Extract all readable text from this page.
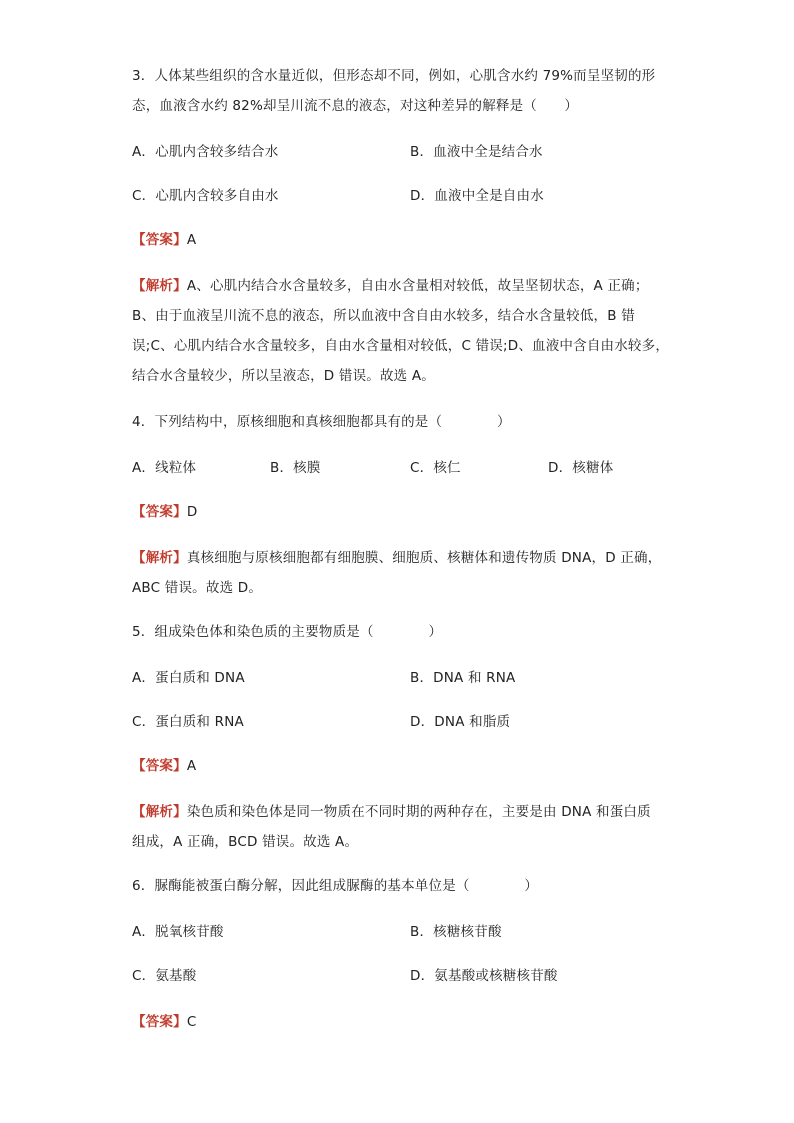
3．人体某些组织的含水量近似，但形态却不同，例如，心肌含水约 79%而呈坚韧的形
态，血液含水约 82%却呈川流不息的液态，对这种差异的解释是（　　）
A．心肌内含较多结合水	B．血液中全是结合水
C．心肌内含较多自由水	D．血液中全是自由水
【答案】A
【解析】A、心肌内结合水含量较多，自由水含量相对较低，故呈坚韧状态，A 正确；
B、由于血液呈川流不息的液态，所以血液中含自由水较多，结合水含量较低，B 错
误;C、心肌内结合水含量较多，自由水含量相对较低，C 错误;D、血液中含自由水较多，
结合水含量较少，所以呈液态，D 错误。故选 A。
4．下列结构中，原核细胞和真核细胞都具有的是（　　　　）
A．线粒体	B．核膜	C．核仁	D．核糖体
【答案】D
【解析】真核细胞与原核细胞都有细胞膜、细胞质、核糖体和遗传物质 DNA，D 正确，
ABC 错误。故选 D。
5．组成染色体和染色质的主要物质是（　　　　）
A．蛋白质和 DNA	B．DNA 和 RNA
C．蛋白质和 RNA	D．DNA 和脂质
【答案】A
【解析】染色质和染色体是同一物质在不同时期的两种存在，主要是由 DNA 和蛋白质
组成，A 正确，BCD 错误。故选 A。
6．脲酶能被蛋白酶分解，因此组成脲酶的基本单位是（　　　　）
A．脱氧核苷酸	B．核糖核苷酸
C．氨基酸	D．氨基酸或核糖核苷酸
【答案】C
